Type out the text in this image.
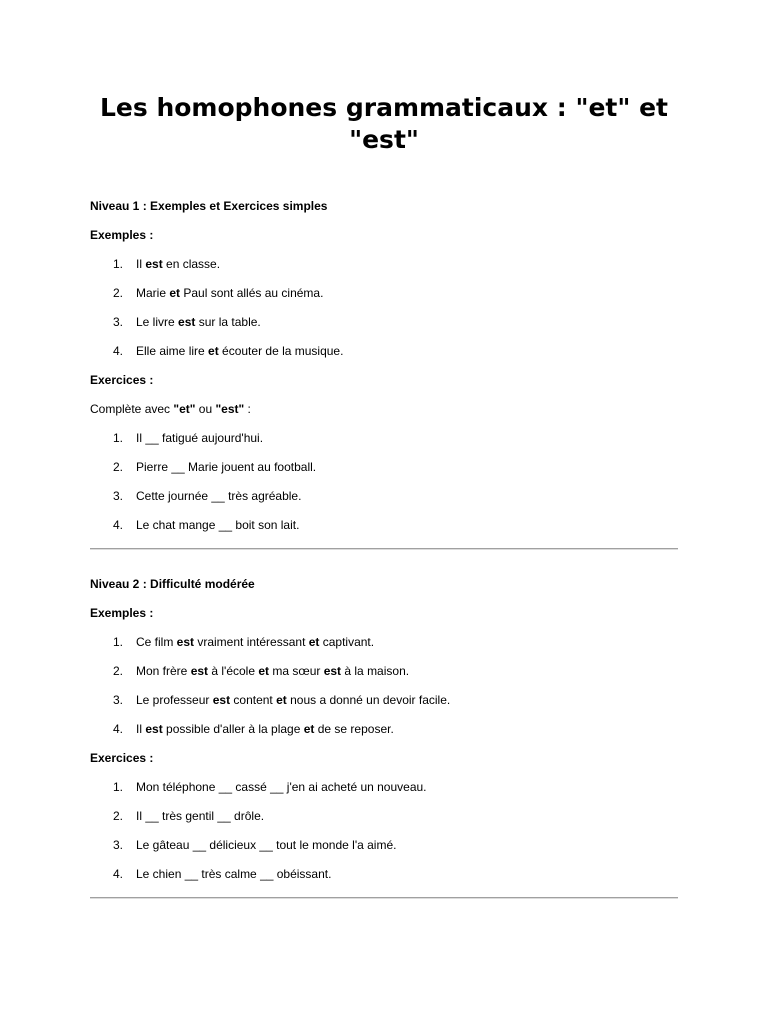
Les homophones grammaticaux : "et" et "est"
Niveau 1 : Exemples et Exercices simples
Exemples :
1. Il est en classe.
2. Marie et Paul sont allés au cinéma.
3. Le livre est sur la table.
4. Elle aime lire et écouter de la musique.
Exercices :
Complète avec "et" ou "est" :
1. Il __ fatigué aujourd'hui.
2. Pierre __ Marie jouent au football.
3. Cette journée __ très agréable.
4. Le chat mange __ boit son lait.
Niveau 2 : Difficulté modérée
Exemples :
1. Ce film est vraiment intéressant et captivant.
2. Mon frère est à l'école et ma sœur est à la maison.
3. Le professeur est content et nous a donné un devoir facile.
4. Il est possible d'aller à la plage et de se reposer.
Exercices :
1. Mon téléphone __ cassé __ j'en ai acheté un nouveau.
2. Il __ très gentil __ drôle.
3. Le gâteau __ délicieux __ tout le monde l'a aimé.
4. Le chien __ très calme __ obéissant.
